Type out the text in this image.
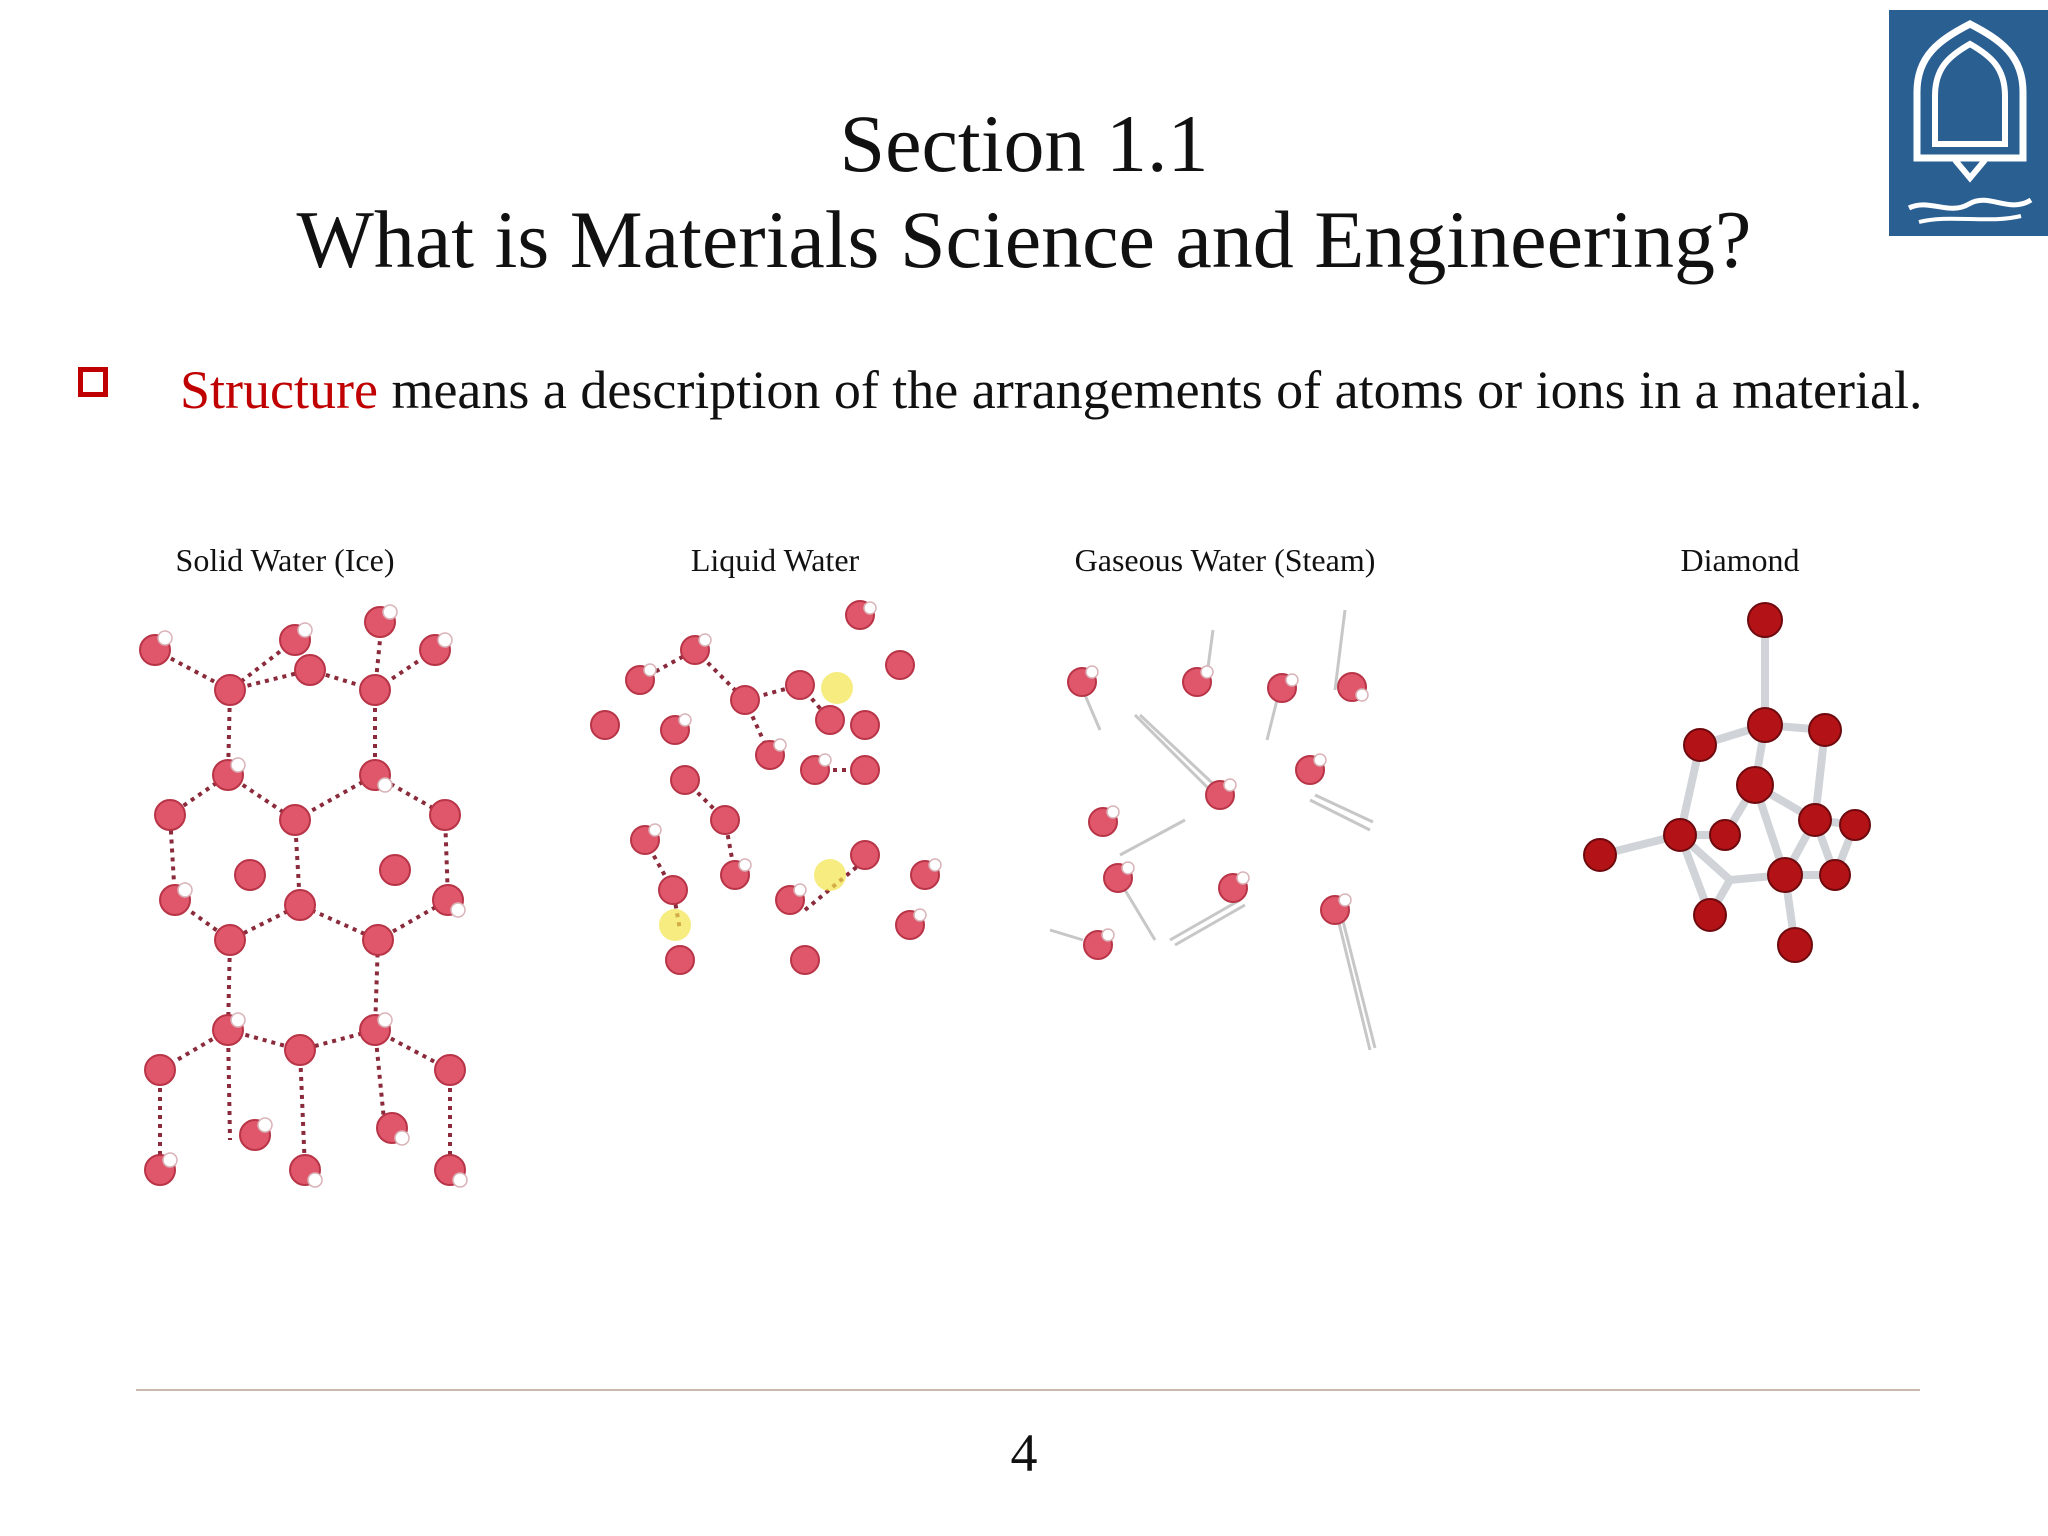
Section 1.1
What is Materials Science and Engineering?
Structure means a description of the arrangements of atoms or ions in a material.
Solid Water (Ice)	Liquid Water	Gaseous Water (Steam)	Diamond
4
